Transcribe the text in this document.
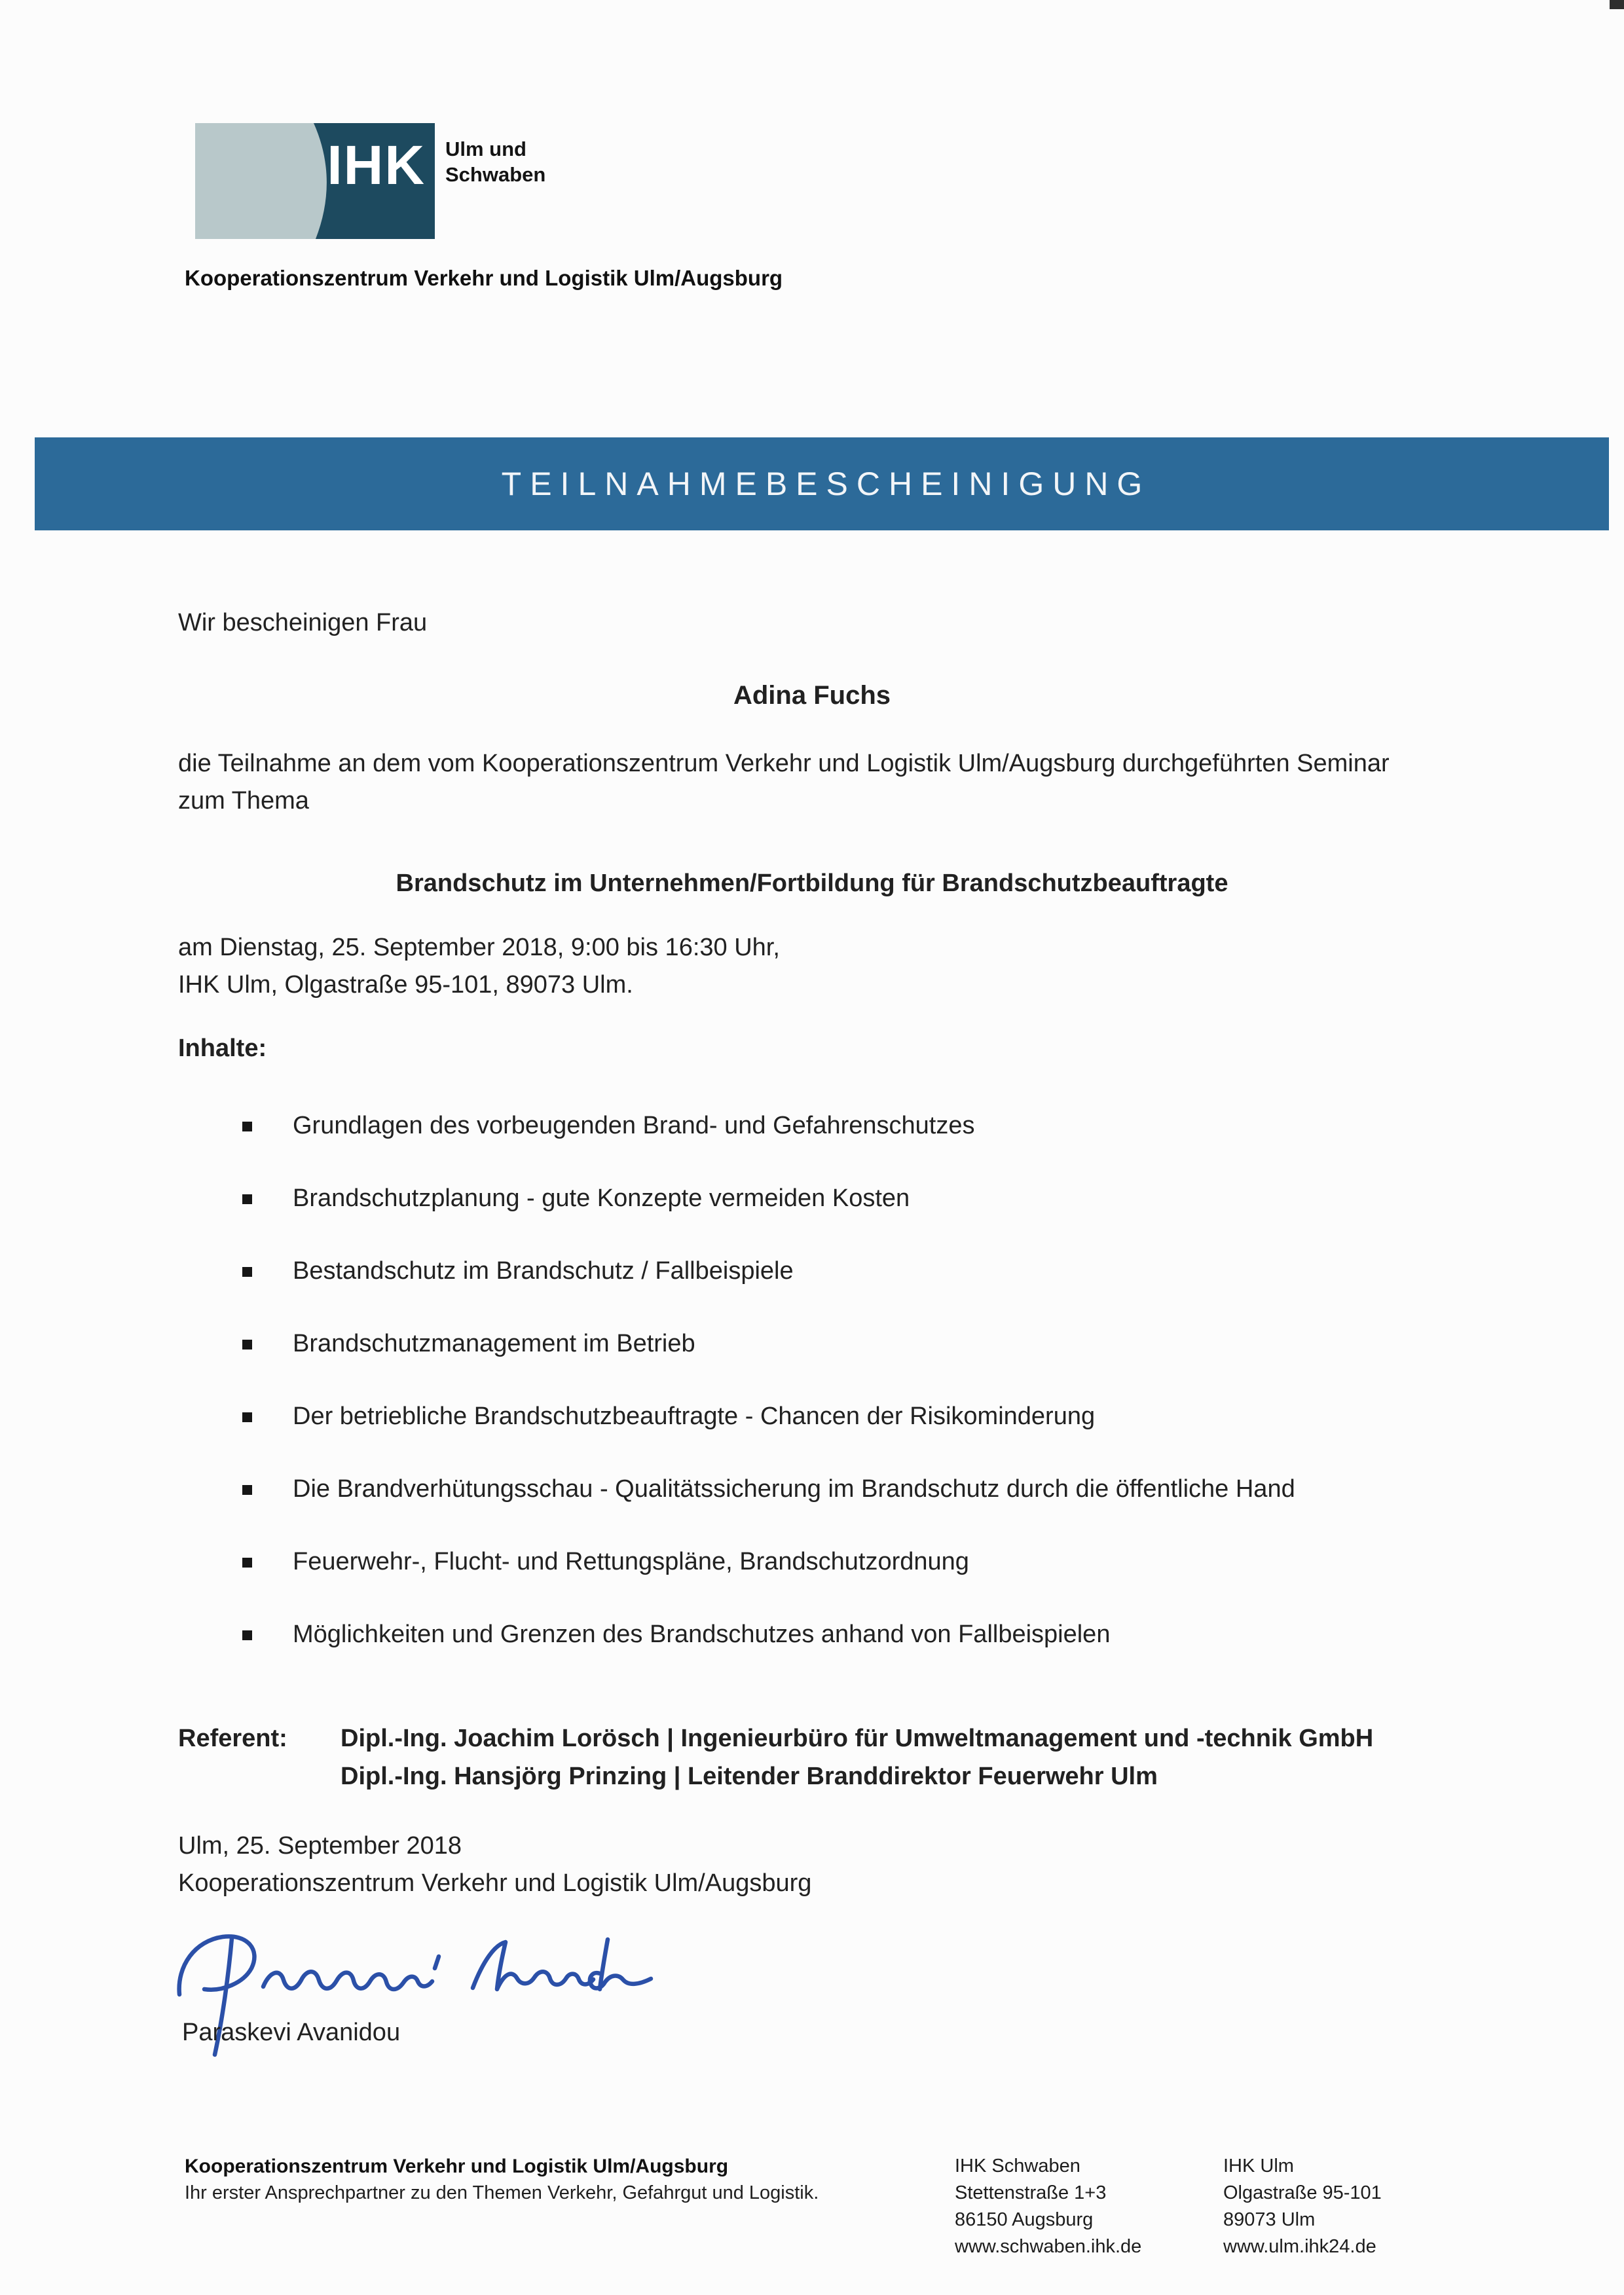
IHK Ulm und
Schwaben
Kooperationszentrum Verkehr und Logistik Ulm/Augsburg
TEILNAHMEBESCHEINIGUNG
Wir bescheinigen Frau
Adina Fuchs
die Teilnahme an dem vom Kooperationszentrum Verkehr und Logistik Ulm/Augsburg durchgeführten Seminar zum Thema
Brandschutz im Unternehmen/Fortbildung für Brandschutzbeauftragte
am Dienstag, 25. September 2018, 9:00 bis 16:30 Uhr,
IHK Ulm, Olgastraße 95-101, 89073 Ulm.
Inhalte:
Grundlagen des vorbeugenden Brand- und Gefahrenschutzes
Brandschutzplanung - gute Konzepte vermeiden Kosten
Bestandschutz im Brandschutz / Fallbeispiele
Brandschutzmanagement im Betrieb
Der betriebliche Brandschutzbeauftragte - Chancen der Risikominderung
Die Brandverhütungsschau - Qualitätssicherung im Brandschutz durch die öffentliche Hand
Feuerwehr-, Flucht- und Rettungspläne, Brandschutzordnung
Möglichkeiten und Grenzen des Brandschutzes anhand von Fallbeispielen
Referent: Dipl.-Ing. Joachim Lorösch | Ingenieurbüro für Umweltmanagement und -technik GmbH
Dipl.-Ing. Hansjörg Prinzing | Leitender Branddirektor Feuerwehr Ulm
Ulm, 25. September 2018
Kooperationszentrum Verkehr und Logistik Ulm/Augsburg
Paraskevi Avanidou
Kooperationszentrum Verkehr und Logistik Ulm/Augsburg
Ihr erster Ansprechpartner zu den Themen Verkehr, Gefahrgut und Logistik.
IHK Schwaben
Stettenstraße 1+3
86150 Augsburg
www.schwaben.ihk.de
IHK Ulm
Olgastraße 95-101
89073 Ulm
www.ulm.ihk24.de
